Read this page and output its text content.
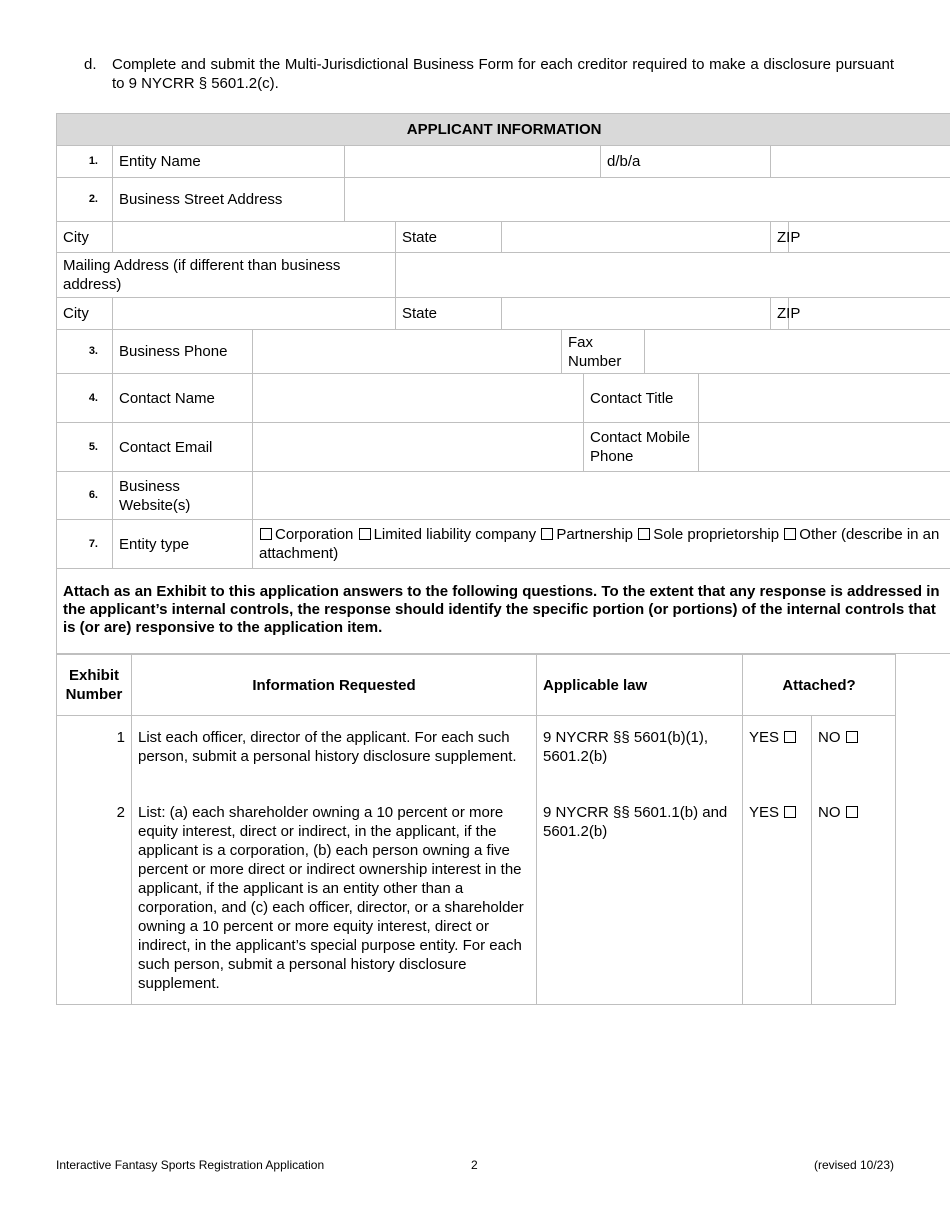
d. Complete and submit the Multi-Jurisdictional Business Form for each creditor required to make a disclosure pursuant to 9 NYCRR § 5601.2(c).
APPLICANT INFORMATION												
1.	Entity Name							d/b/a				
2.	Business Street Address											
City				State							ZIP	
Mailing Address (if different than business address)												
City				State							ZIP	
3.	Business Phone					Fax Number						
4.	Contact Name						Contact Title					
5.	Contact Email						Contact Mobile Phone					
6.	Business Website(s)											
7.	Entity type	Corporation Limited liability company Partnership Sole proprietorship Other (describe in an attachment)										
Attach as an Exhibit to this application answers to the following questions. To the extent that any response is addressed in the applicant’s internal controls, the response should identify the specific portion (or portions) of the internal controls that is (or are) responsive to the application item.												
Exhibit Number	Information Requested	Applicable law	Attached?	
1	List each officer, director of the applicant. For each such person, submit a personal history disclosure supplement.	9 NYCRR §§ 5601(b)(1), 5601.2(b)	YES	NO
2	List: (a) each shareholder owning a 10 percent or more equity interest, direct or indirect, in the applicant, if the applicant is a corporation, (b) each person owning a five percent or more direct or indirect ownership interest in the applicant, if the applicant is an entity other than a corporation, and (c) each officer, director, or a shareholder owning a 10 percent or more equity interest, direct or indirect, in the applicant’s special purpose entity. For each such person, submit a personal history disclosure supplement.	9 NYCRR §§ 5601.1(b) and 5601.2(b)	YES	NO
Interactive Fantasy Sports Registration Application	2	(revised 10/23)
